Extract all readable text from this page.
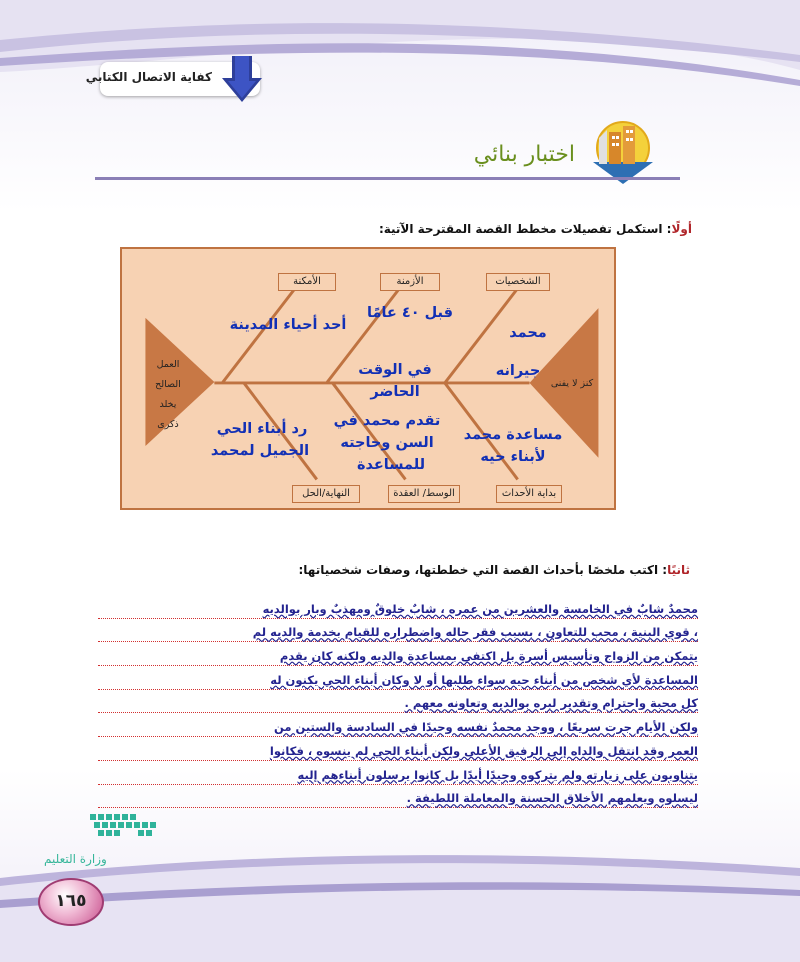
كفاية الاتصال الكتابي
اختبار بنائي
أولًا: استكمل تفصيلات مخطط القصة المقترحة الآتية:
الشخصيات
الأزمنة
الأمكنة
بداية الأحداث
الوسط/ العقدة
النهاية/الحل
كنز لا يفنى
العمل
الصالح
يخلد
ذكرى
محمد
جيرانه
قبل ٤٠ عامًا
في الوقت
الحاضر
أحد أحياء المدينة
مساعدة محمد
لأبناء حيه
تقدم محمد في
السن وحاجته
للمساعدة
رد أبناء الحي
الجميل لمحمد
ثانيًا: اكتب ملخصًا بأحداث القصة التي خططتها، وصفات شخصياتها:
محمدٌ شابٌ في الخامسة والعشرين من عمره ، شابٌ خلوقٌ ومهذبٌ وبار بوالديه
، قوي البنية ، محب للتعاون ، بسبب فقر حاله واضطراره للقيام بخدمة والديه لم
يتمكن من الزواج وتأسيس أسرة بل اكتفى بمساعدة والديه ولكنه كان يقدم
المساعدة لأي شخص من أبناء حيه سواء طلبها أو لا وكان أبناء الحي يكنون له
كل محبة واحترام وتقدير لبره بوالديه وتعاونه معهم .
ولكن الأيام جرت سريعًا ، ووجد محمدٌ نفسه وحيدًا في السادسة والستين من
العمر وقد انتقل والداه إلى الرفيق الأعلى ولكن أبناء الحي لم ينسوه ، فكانوا
يتناوبون على زيارته ولم يتركوه وحيدًا أبدًا بل كانوا يرسلون أبناءهم إليه
ليسلوه ويعلمهم الأخلاق الحسنة والمعاملة اللطيفة .
وزارة التعليم
١٦٥
